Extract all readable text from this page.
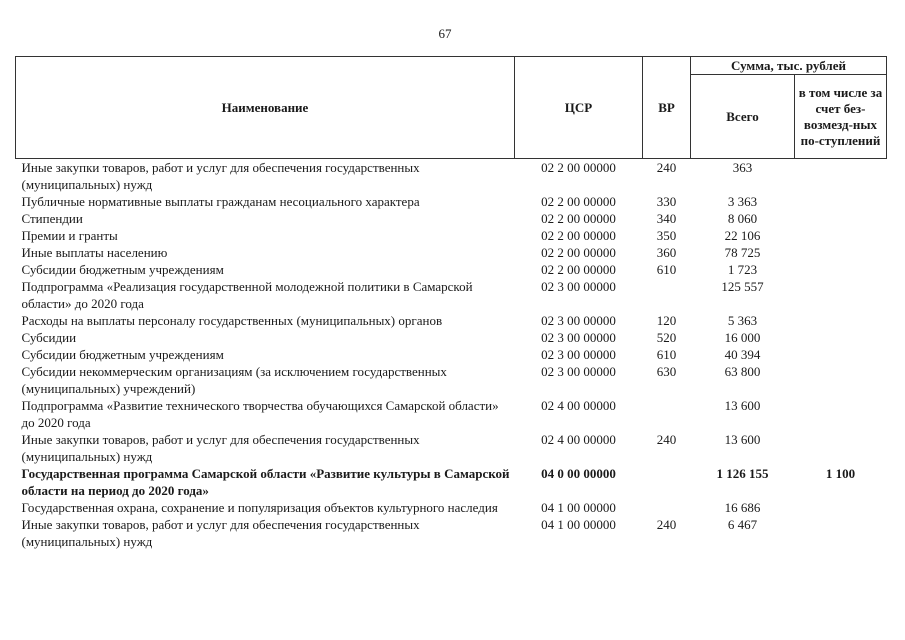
67
Наименование	ЦСР	ВР	Сумма, тыс. рублей	
			Всего	в том числе за счет без-возмезд-ных по-ступлений
Иные закупки товаров, работ и услуг для обеспечения государственных (муниципальных) нужд	02 2 00 00000	240	363	
Публичные нормативные выплаты гражданам несоциального характера	02 2 00 00000	330	3 363	
Стипендии	02 2 00 00000	340	8 060	
Премии и гранты	02 2 00 00000	350	22 106	
Иные выплаты населению	02 2 00 00000	360	78 725	
Субсидии бюджетным учреждениям	02 2 00 00000	610	1 723	
Подпрограмма «Реализация государственной молодежной политики в Самарской области» до 2020 года	02 3 00 00000		125 557	
Расходы на выплаты персоналу государственных (муниципальных) органов	02 3 00 00000	120	5 363	
Субсидии	02 3 00 00000	520	16 000	
Субсидии бюджетным учреждениям	02 3 00 00000	610	40 394	
Субсидии некоммерческим организациям (за исключением государственных (муниципальных) учреждений)	02 3 00 00000	630	63 800	
Подпрограмма «Развитие технического творчества обучающихся Самарской области» до 2020 года	02 4 00 00000		13 600	
Иные закупки товаров, работ и услуг для обеспечения государственных (муниципальных) нужд	02 4 00 00000	240	13 600	
Государственная программа Самарской области «Развитие культуры в Самарской области на период до 2020 года»	04 0 00 00000		1 126 155	1 100
Государственная охрана, сохранение и популяризация объектов культурного наследия	04 1 00 00000		16 686	
Иные закупки товаров, работ и услуг для обеспечения государственных (муниципальных) нужд	04 1 00 00000	240	6 467	
